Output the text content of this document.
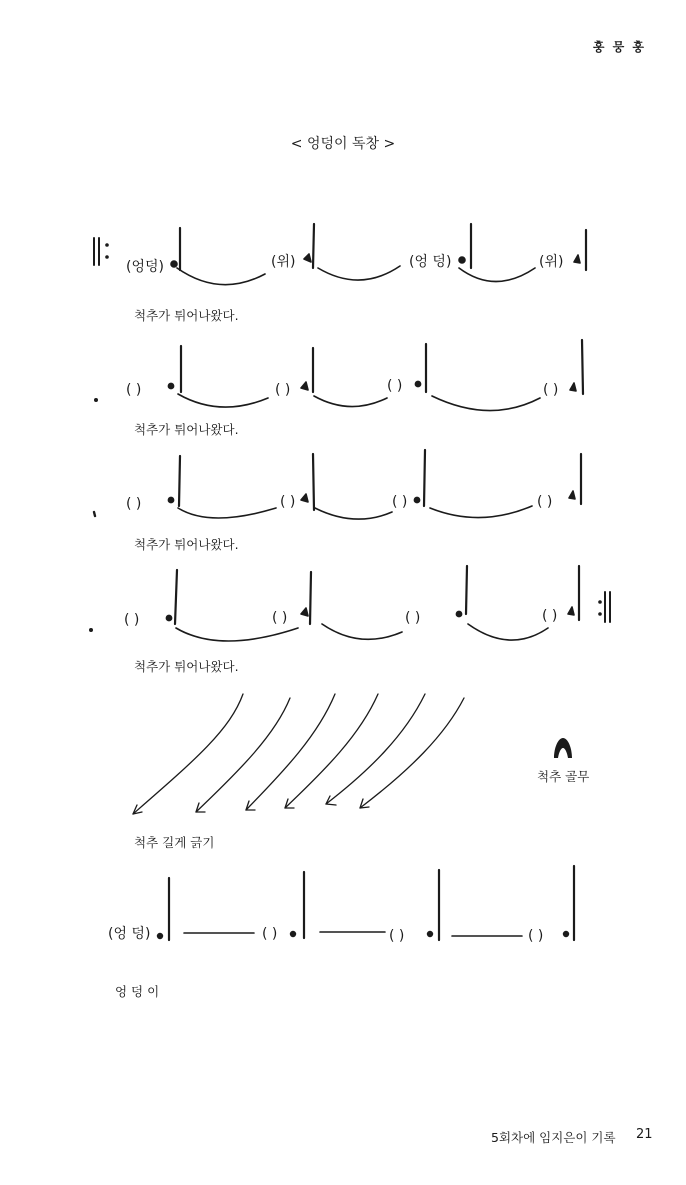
훙 뭉 훙
< 엉덩이 독창 >
(엉덩)	(위)	(엉 덩)	(위)
척추가 튀어나왔다.
( )	( )	( )	( )
척추가 튀어나왔다.
( )	( )	( )	( )
척추가 튀어나왔다.
( )	( )	( )	( )
척추가 튀어나왔다.
척추 골무
척추 길게 긁기
(엉 덩)	( )	( )	( )
엉 덩 이
5회차에 임지은이 기록 21
